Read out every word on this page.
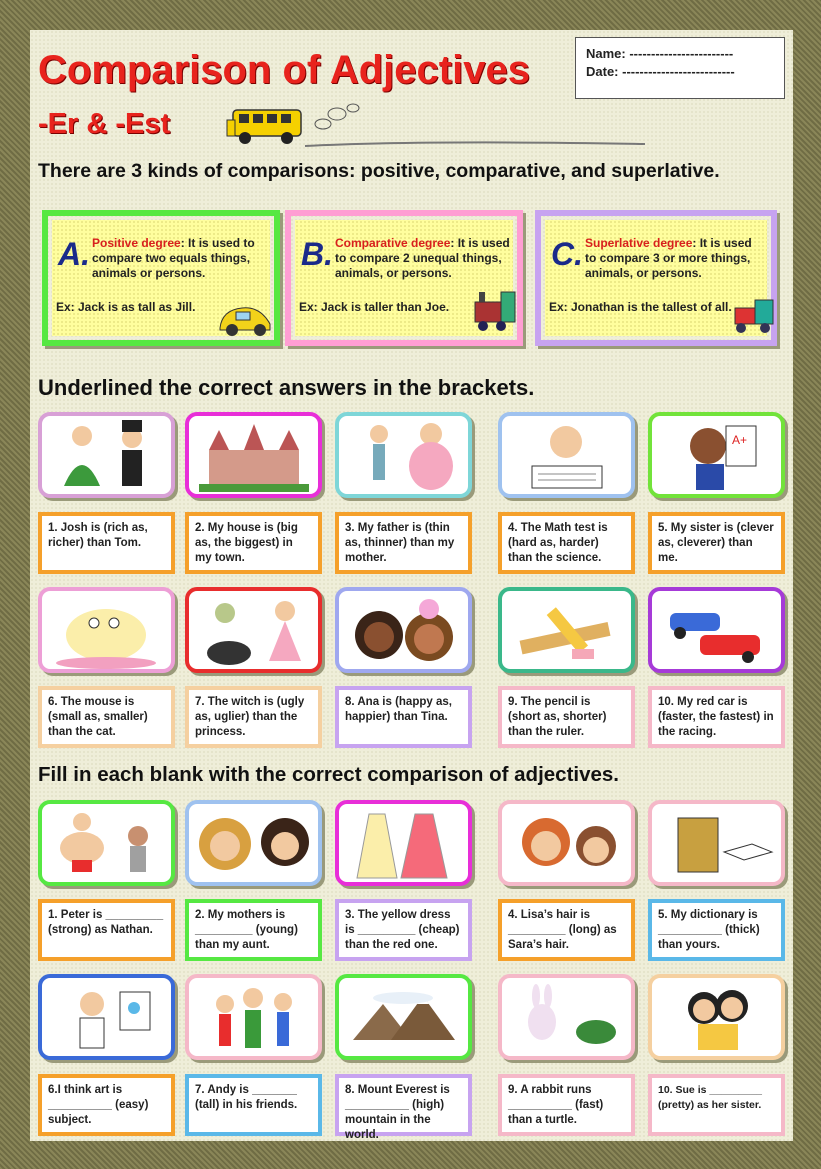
Comparison of Adjectives
-Er & -Est
Name: ------------------------
Date: --------------------------
There are 3 kinds of comparisons: positive, comparative, and superlative.
A. Positive degree: It is used to compare two equals things, animals or persons.
Ex: Jack is as tall as Jill.
B. Comparative degree: It is used to compare 2 unequal things, animals, or persons.
Ex: Jack is taller than Joe.
C. Superlative degree: It is used to compare 3 or more things, animals, or persons.
Ex: Jonathan is the tallest of all.
Underlined the correct answers in the brackets.
A+
1. Josh is (rich as, richer) than Tom.
2. My house is (big as, the biggest) in my town.
3. My father is (thin as, thinner) than my mother.
4. The Math test is (hard as, harder) than the science.
5. My sister is (clever as, cleverer) than me.
6. The mouse is (small as, smaller) than the cat.
7. The witch is (ugly as, uglier) than the princess.
8. Ana is (happy as, happier) than Tina.
9. The pencil is (short as, shorter) than the ruler.
10. My red car is (faster, the fastest) in the racing.
Fill in each blank with the correct comparison of adjectives.
1. Peter is _________ (strong) as Nathan.
2. My mothers is _________ (young) than my aunt.
3. The yellow dress is _________ (cheap) than the red one.
4. Lisa’s hair is _________ (long) as Sara’s hair.
5. My dictionary is __________ (thick) than yours.
6.I think art is __________ (easy) subject.
7. Andy is _______ (tall) in his friends.
8. Mount Everest is __________ (high) mountain in the world.
9. A rabbit runs __________ (fast) than a turtle.
10. Sue is _________ (pretty) as her sister.
